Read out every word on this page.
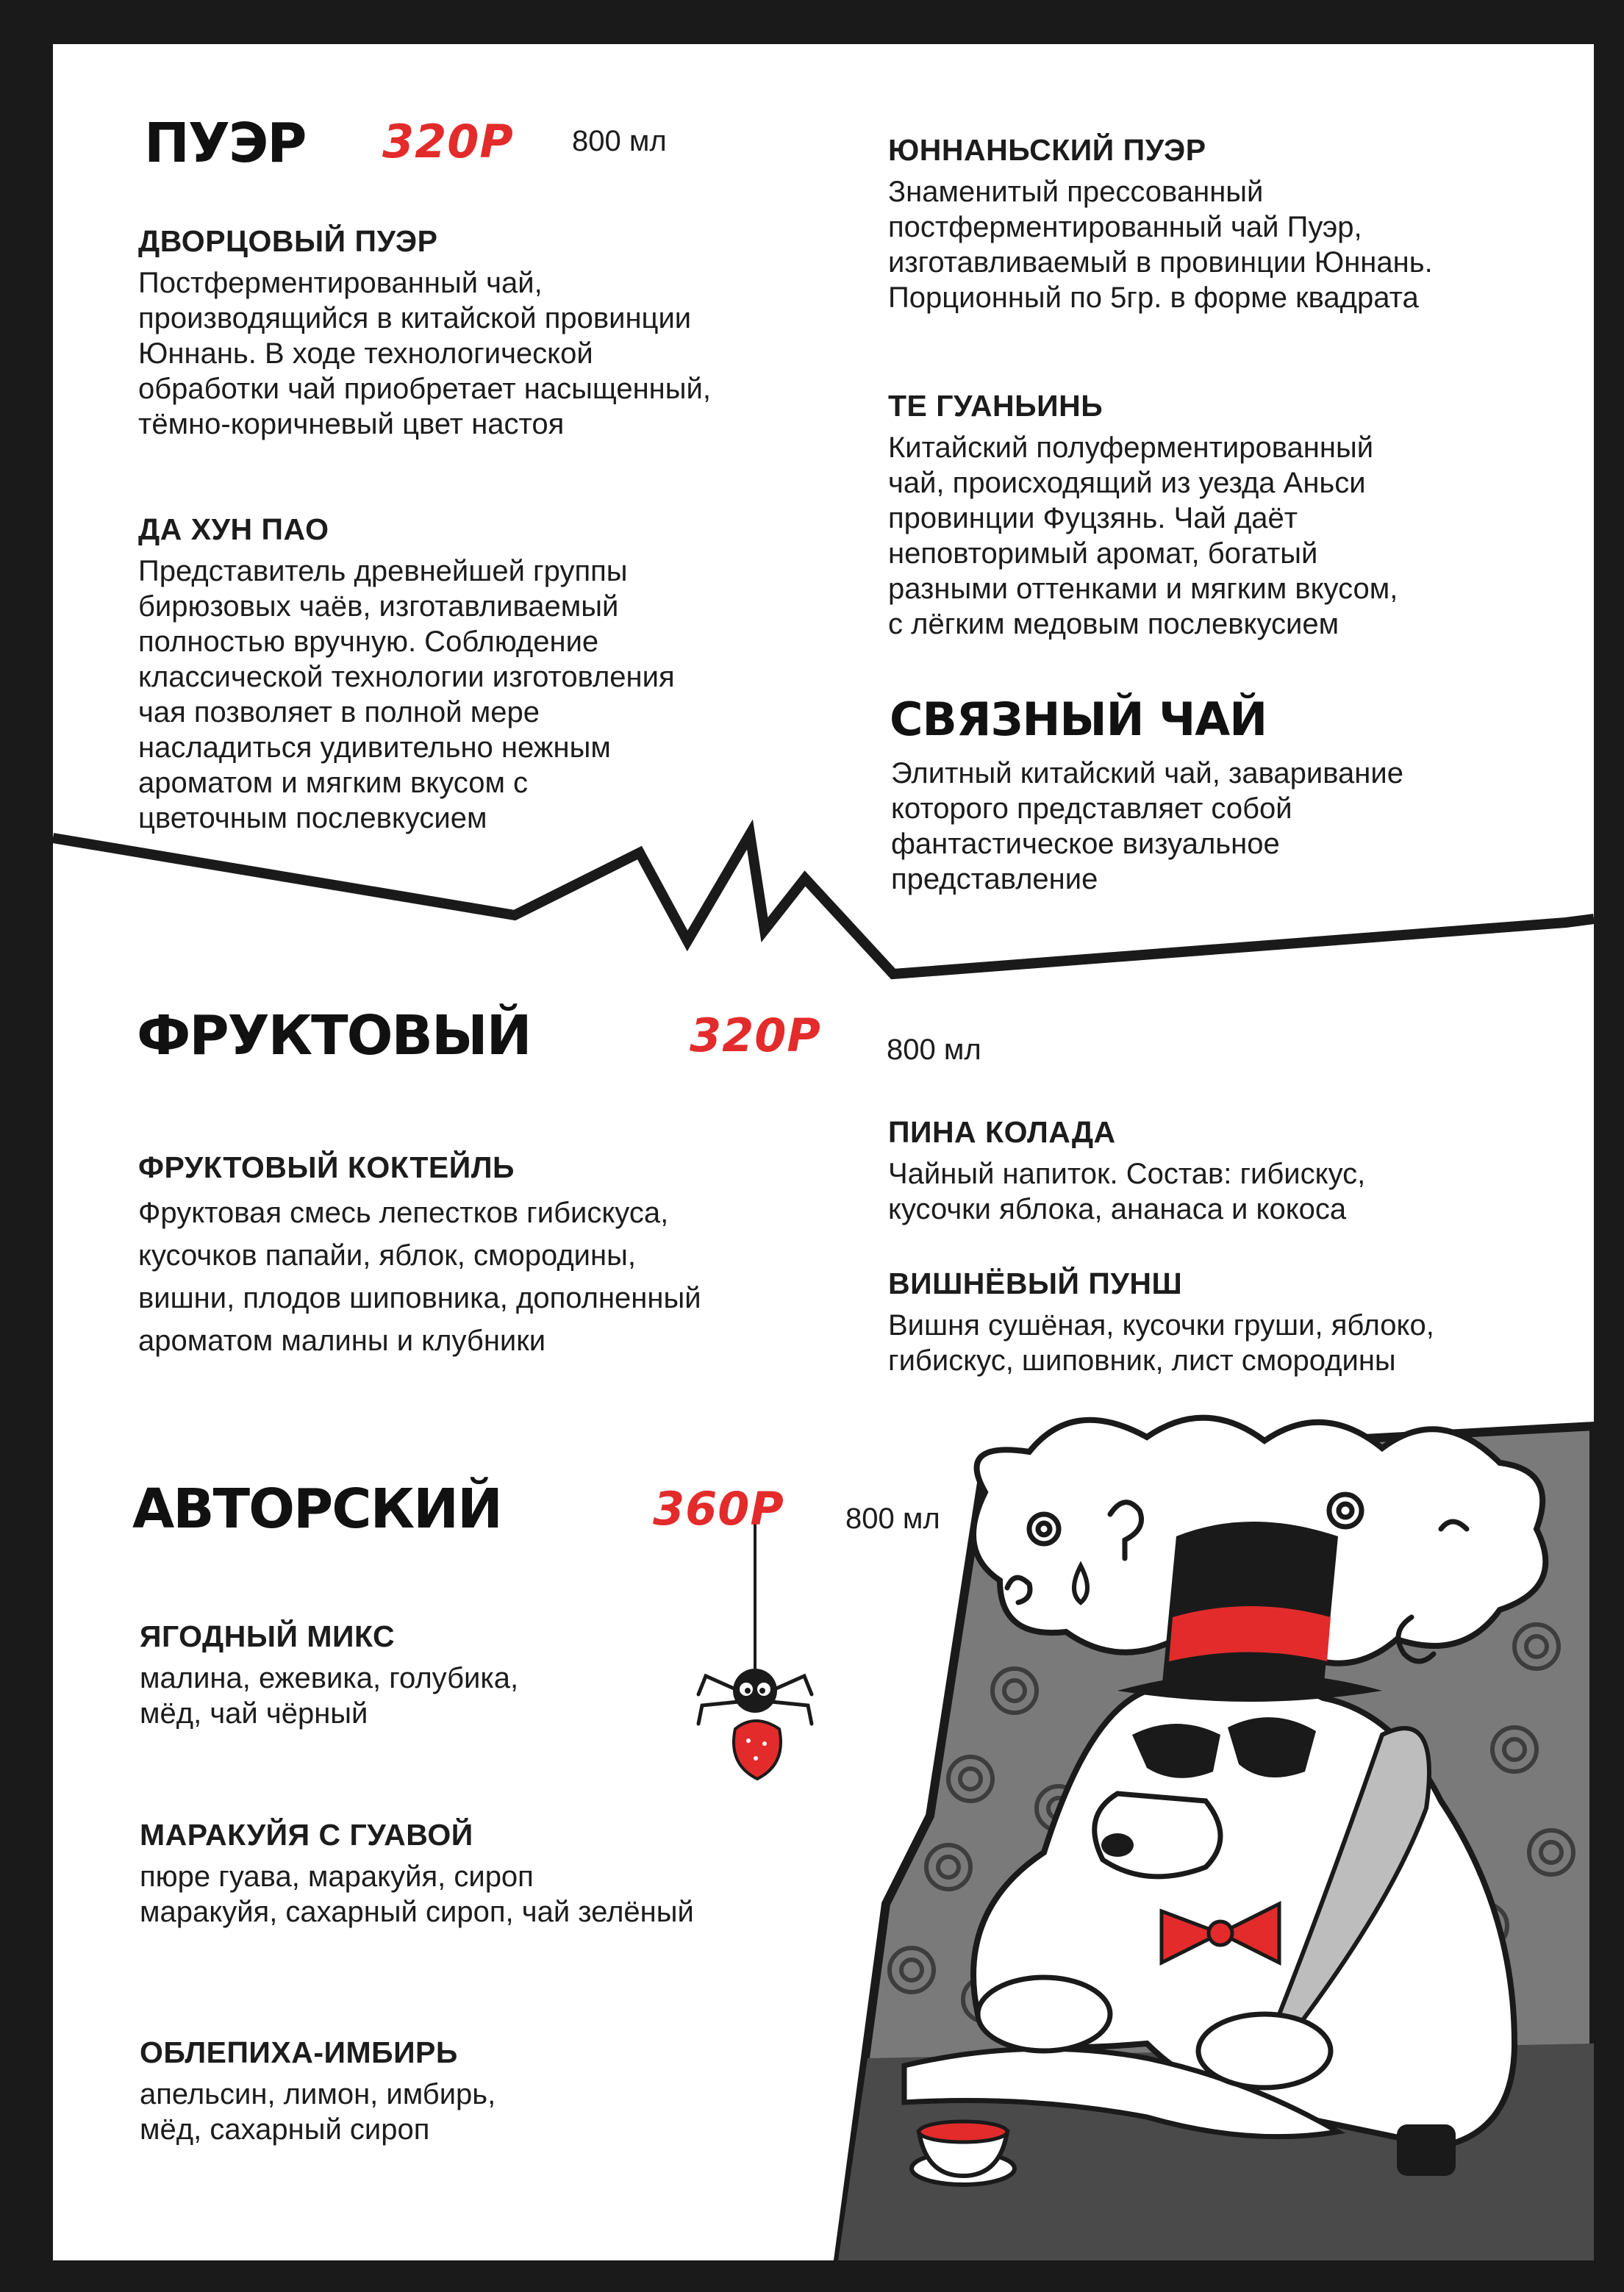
ПУЭР 320Р 800 мл
ДВОРЦОВЫЙ ПУЭР

Постферментированный чай,

производящийся в китайской провинции

Юннань. В ходе технологической

обработки чай приобретает насыщенный,

тёмно-коричневый цвет настоя

ДА ХУН ПАО

Представитель древнейшей группы

бирюзовых чаёв, изготавливаемый

полностью вручную. Соблюдение

классической технологии изготовления

чая позволяет в полной мере

насладиться удивительно нежным

ароматом и мягким вкусом с

цветочным послевкусием

ЮННАНЬСКИЙ ПУЭР

Знаменитый прессованный

постферментированный чай Пуэр,

изготавливаемый в провинции Юннань.

Порционный по 5гр. в форме квадрата

ТЕ ГУАНЬИНЬ

Китайский полуферментированный

чай, происходящий из уезда Аньси

провинции Фуцзянь. Чай даёт

неповторимый аромат, богатый

разными оттенками и мягким вкусом,

с лёгким медовым послевкусием

СВЯЗНЫЙ ЧАЙ

Элитный китайский чай, заваривание

которого представляет собой

фантастическое визуальное

представление

ФРУКТОВЫЙ	320Р 800 мл
ФРУКТОВЫЙ КОКТЕЙЛЬ

Фруктовая смесь лепестков гибискуса,

кусочков папайи, яблок, смородины,

вишни, плодов шиповника, дополненный

ароматом малины и клубники

ПИНА КОЛАДА

Чайный напиток. Состав: гибискус,

кусочки яблока, ананаса и кокоса

ВИШНЁВЫЙ ПУНШ

Вишня сушёная, кусочки груши, яблоко,

гибискус, шиповник, лист смородины

АВТОРСКИЙ	360Р 800 мл
ЯГОДНЫЙ МИКС

малина, ежевика, голубика,

мёд, чай чёрный

МАРАКУЙЯ С ГУАВОЙ

пюре гуава, маракуйя, сироп

маракуйя, сахарный сироп, чай зелёный

ОБЛЕПИХА-ИМБИРЬ

апельсин, лимон, имбирь,

мёд, сахарный сироп
